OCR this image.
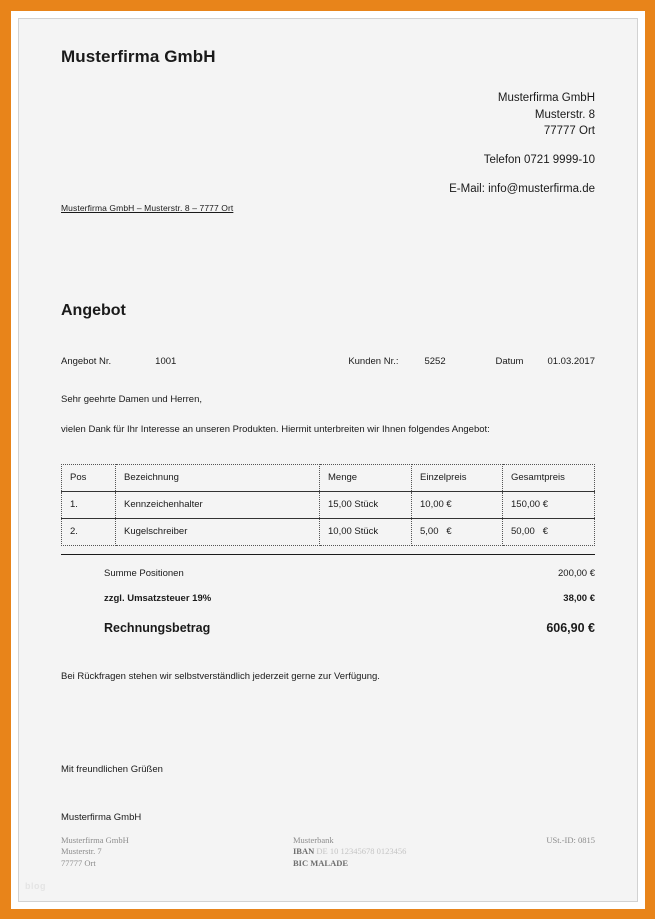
Musterfirma GmbH
Musterfirma GmbH
Musterstr. 8
77777 Ort
Telefon 0721 9999-10
E-Mail: info@musterfirma.de
Musterfirma GmbH – Musterstr. 8 – 7777 Ort
Angebot
Angebot Nr.	1001	Kunden Nr.:	5252	Datum	01.03.2017

Sehr geehrte Damen und Herren,

vielen Dank für Ihr Interesse an unseren Produkten. Hiermit unterbreiten wir Ihnen folgendes Angebot:

Pos	Bezeichnung	Menge	Einzelpreis	Gesamtpreis
1.	Kennzeichenhalter	15,00 Stück	10,00 €	150,00 €
2.	Kugelschreiber	10,00 Stück	5,00   €	50,00   €
Summe Positionen	200,00 €
zzgl. Umsatzsteuer 19%	38,00 €
Rechnungsbetrag	606,90 €

Bei Rückfragen stehen wir selbstverständlich jederzeit gerne zur Verfügung.

Mit freundlichen Grüßen

Musterfirma GmbH

Musterfirma GmbH
Musterstr. 7
77777 Ort
Musterbank
IBAN DE 10 12345678 0123456
BIC MALADE
USt.-ID: 0815
blog
